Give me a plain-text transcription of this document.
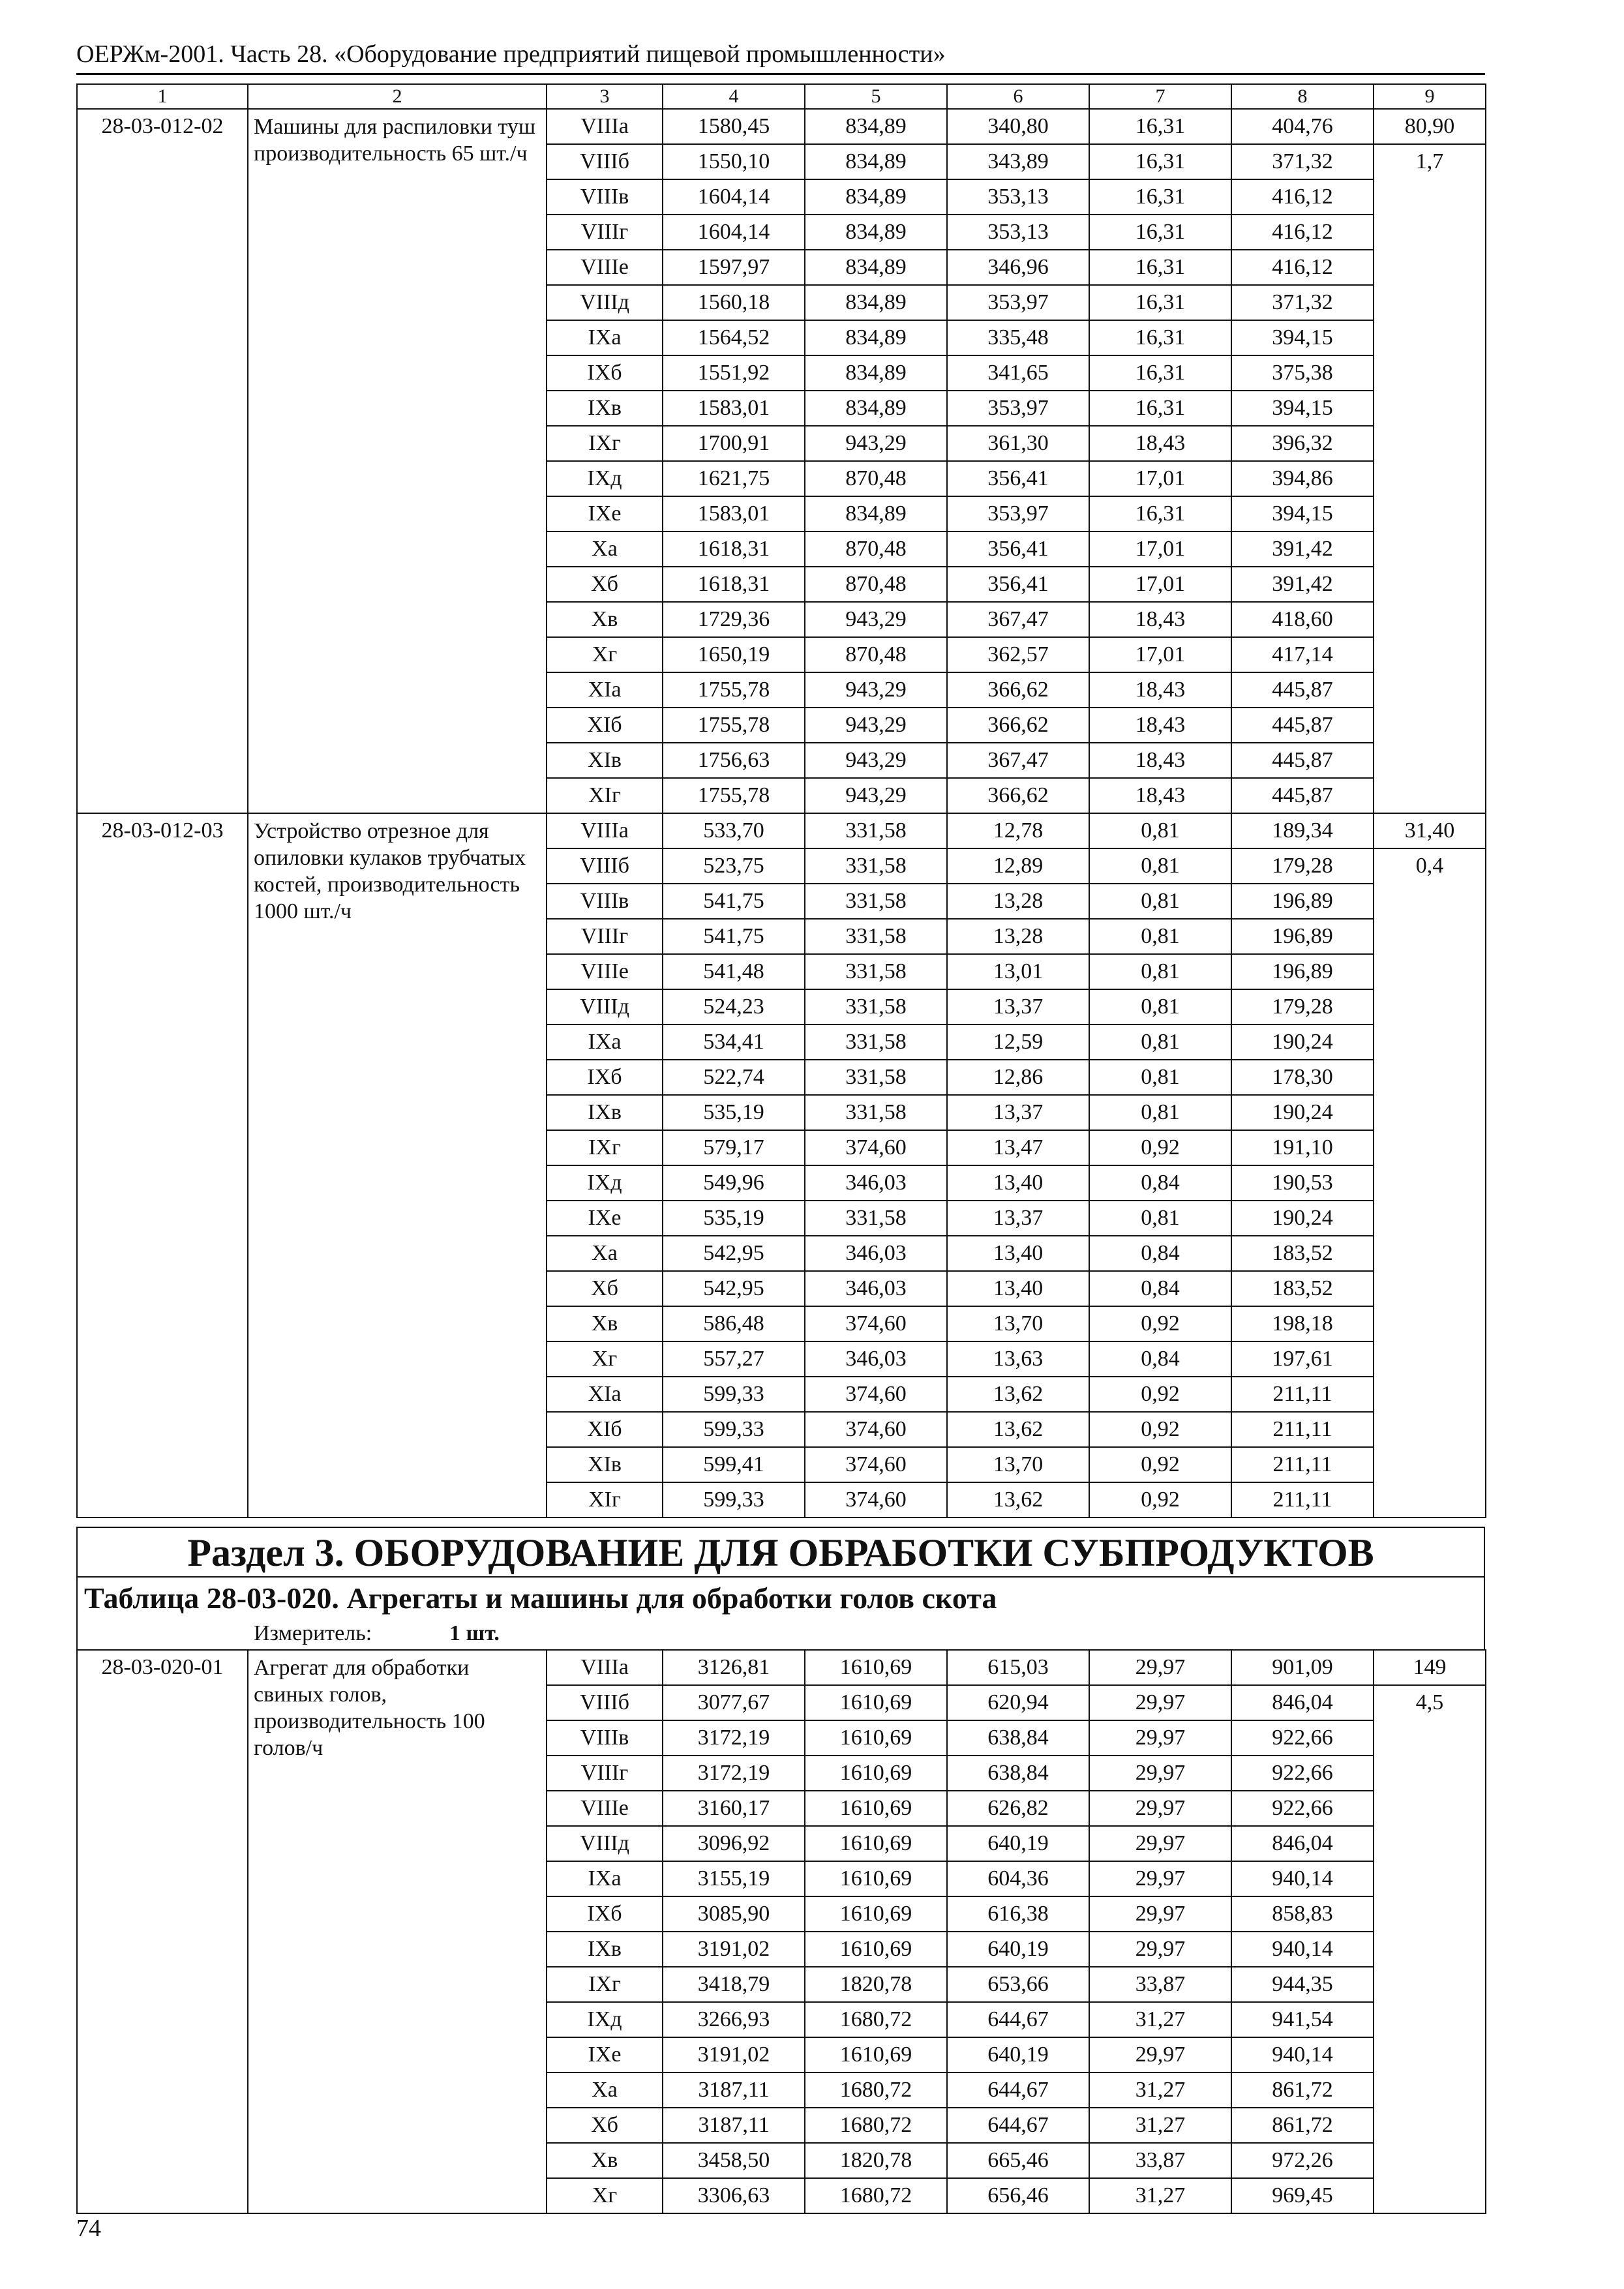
ОЕРЖм-2001. Часть 28. «Оборудование предприятий пищевой промышленности»
1	2	3	4	5	6	7	8	9
28-03-012-02	Машины для распиловки туш производительность 65 шт./ч	VIIIа	1580,45	834,89	340,80	16,31	404,76	80,90
		VIIIб	1550,10	834,89	343,89	16,31	371,32	1,7
		VIIIв	1604,14	834,89	353,13	16,31	416,12	
		VIIIг	1604,14	834,89	353,13	16,31	416,12	
		VIIIе	1597,97	834,89	346,96	16,31	416,12	
		VIIIд	1560,18	834,89	353,97	16,31	371,32	
		IXа	1564,52	834,89	335,48	16,31	394,15	
		IXб	1551,92	834,89	341,65	16,31	375,38	
		IXв	1583,01	834,89	353,97	16,31	394,15	
		IXг	1700,91	943,29	361,30	18,43	396,32	
		IXд	1621,75	870,48	356,41	17,01	394,86	
		IXе	1583,01	834,89	353,97	16,31	394,15	
		Xа	1618,31	870,48	356,41	17,01	391,42	
		Xб	1618,31	870,48	356,41	17,01	391,42	
		Xв	1729,36	943,29	367,47	18,43	418,60	
		Xг	1650,19	870,48	362,57	17,01	417,14	
		XIа	1755,78	943,29	366,62	18,43	445,87	
		XIб	1755,78	943,29	366,62	18,43	445,87	
		XIв	1756,63	943,29	367,47	18,43	445,87	
		XIг	1755,78	943,29	366,62	18,43	445,87	
28-03-012-03	Устройство отрезное для опиловки кулаков трубчатых костей, производительность 1000 шт./ч	VIIIа	533,70	331,58	12,78	0,81	189,34	31,40
		VIIIб	523,75	331,58	12,89	0,81	179,28	0,4
		VIIIв	541,75	331,58	13,28	0,81	196,89	
		VIIIг	541,75	331,58	13,28	0,81	196,89	
		VIIIе	541,48	331,58	13,01	0,81	196,89	
		VIIIд	524,23	331,58	13,37	0,81	179,28	
		IXа	534,41	331,58	12,59	0,81	190,24	
		IXб	522,74	331,58	12,86	0,81	178,30	
		IXв	535,19	331,58	13,37	0,81	190,24	
		IXг	579,17	374,60	13,47	0,92	191,10	
		IXд	549,96	346,03	13,40	0,84	190,53	
		IXе	535,19	331,58	13,37	0,81	190,24	
		Xа	542,95	346,03	13,40	0,84	183,52	
		Xб	542,95	346,03	13,40	0,84	183,52	
		Xв	586,48	374,60	13,70	0,92	198,18	
		Xг	557,27	346,03	13,63	0,84	197,61	
		XIа	599,33	374,60	13,62	0,92	211,11	
		XIб	599,33	374,60	13,62	0,92	211,11	
		XIв	599,41	374,60	13,70	0,92	211,11	
		XIг	599,33	374,60	13,62	0,92	211,11	
Раздел 3. ОБОРУДОВАНИЕ ДЛЯ ОБРАБОТКИ СУБПРОДУКТОВ
Таблица 28-03-020. Агрегаты и машины для обработки голов скота
Измеритель:	1 шт.
28-03-020-01	Агрегат для обработки свиных голов, производительность 100 голов/ч	VIIIа	3126,81	1610,69	615,03	29,97	901,09	149
		VIIIб	3077,67	1610,69	620,94	29,97	846,04	4,5
		VIIIв	3172,19	1610,69	638,84	29,97	922,66	
		VIIIг	3172,19	1610,69	638,84	29,97	922,66	
		VIIIе	3160,17	1610,69	626,82	29,97	922,66	
		VIIIд	3096,92	1610,69	640,19	29,97	846,04	
		IXа	3155,19	1610,69	604,36	29,97	940,14	
		IXб	3085,90	1610,69	616,38	29,97	858,83	
		IXв	3191,02	1610,69	640,19	29,97	940,14	
		IXг	3418,79	1820,78	653,66	33,87	944,35	
		IXд	3266,93	1680,72	644,67	31,27	941,54	
		IXе	3191,02	1610,69	640,19	29,97	940,14	
		Xа	3187,11	1680,72	644,67	31,27	861,72	
		Xб	3187,11	1680,72	644,67	31,27	861,72	
		Xв	3458,50	1820,78	665,46	33,87	972,26	
		Xг	3306,63	1680,72	656,46	31,27	969,45	
74
